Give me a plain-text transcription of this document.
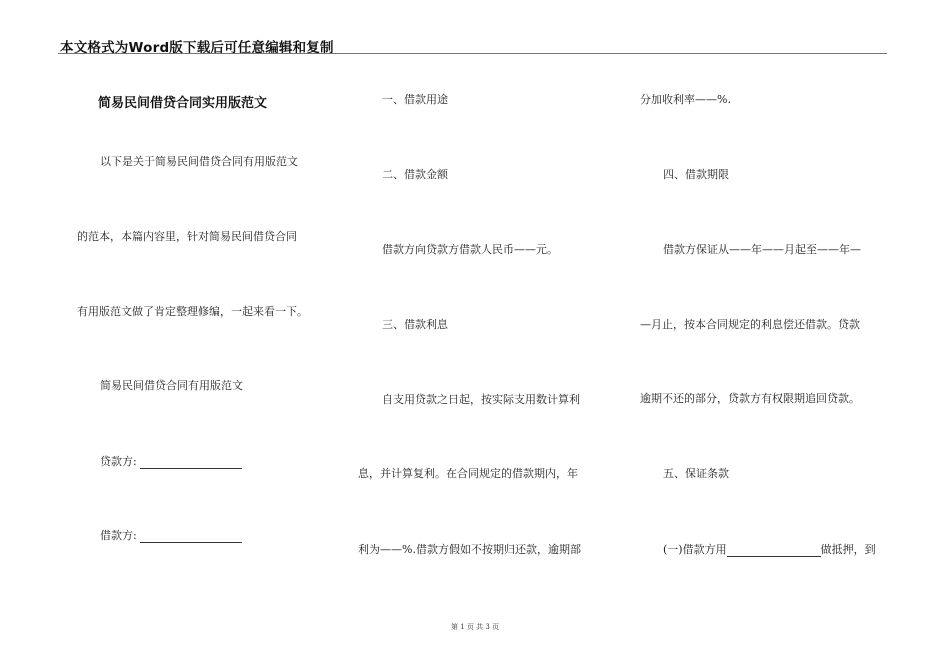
本文格式为Word版下载后可任意编辑和复制
简易民间借贷合同实用版范文
以下是关于简易民间借贷合同有用版范文
的范本，本篇内容里，针对简易民间借贷合同
有用版范文做了肯定整理修编，一起来看一下。
简易民间借贷合同有用版范文
贷款方:
借款方:
一、借款用途
二、借款金额
借款方向贷款方借款人民币——元。
三、借款利息
自支用贷款之日起，按实际支用数计算利
息，并计算复利。在合同规定的借款期内，年
利为——%.借款方假如不按期归还款，逾期部
分加收利率——%.
四、借款期限
借款方保证从——年——月起至——年—
—月止，按本合同规定的利息偿还借款。贷款
逾期不还的部分，贷款方有权限期追回贷款。
五、保证条款
(一)借款方用	做抵押，到
第 1 页 共 3 页
